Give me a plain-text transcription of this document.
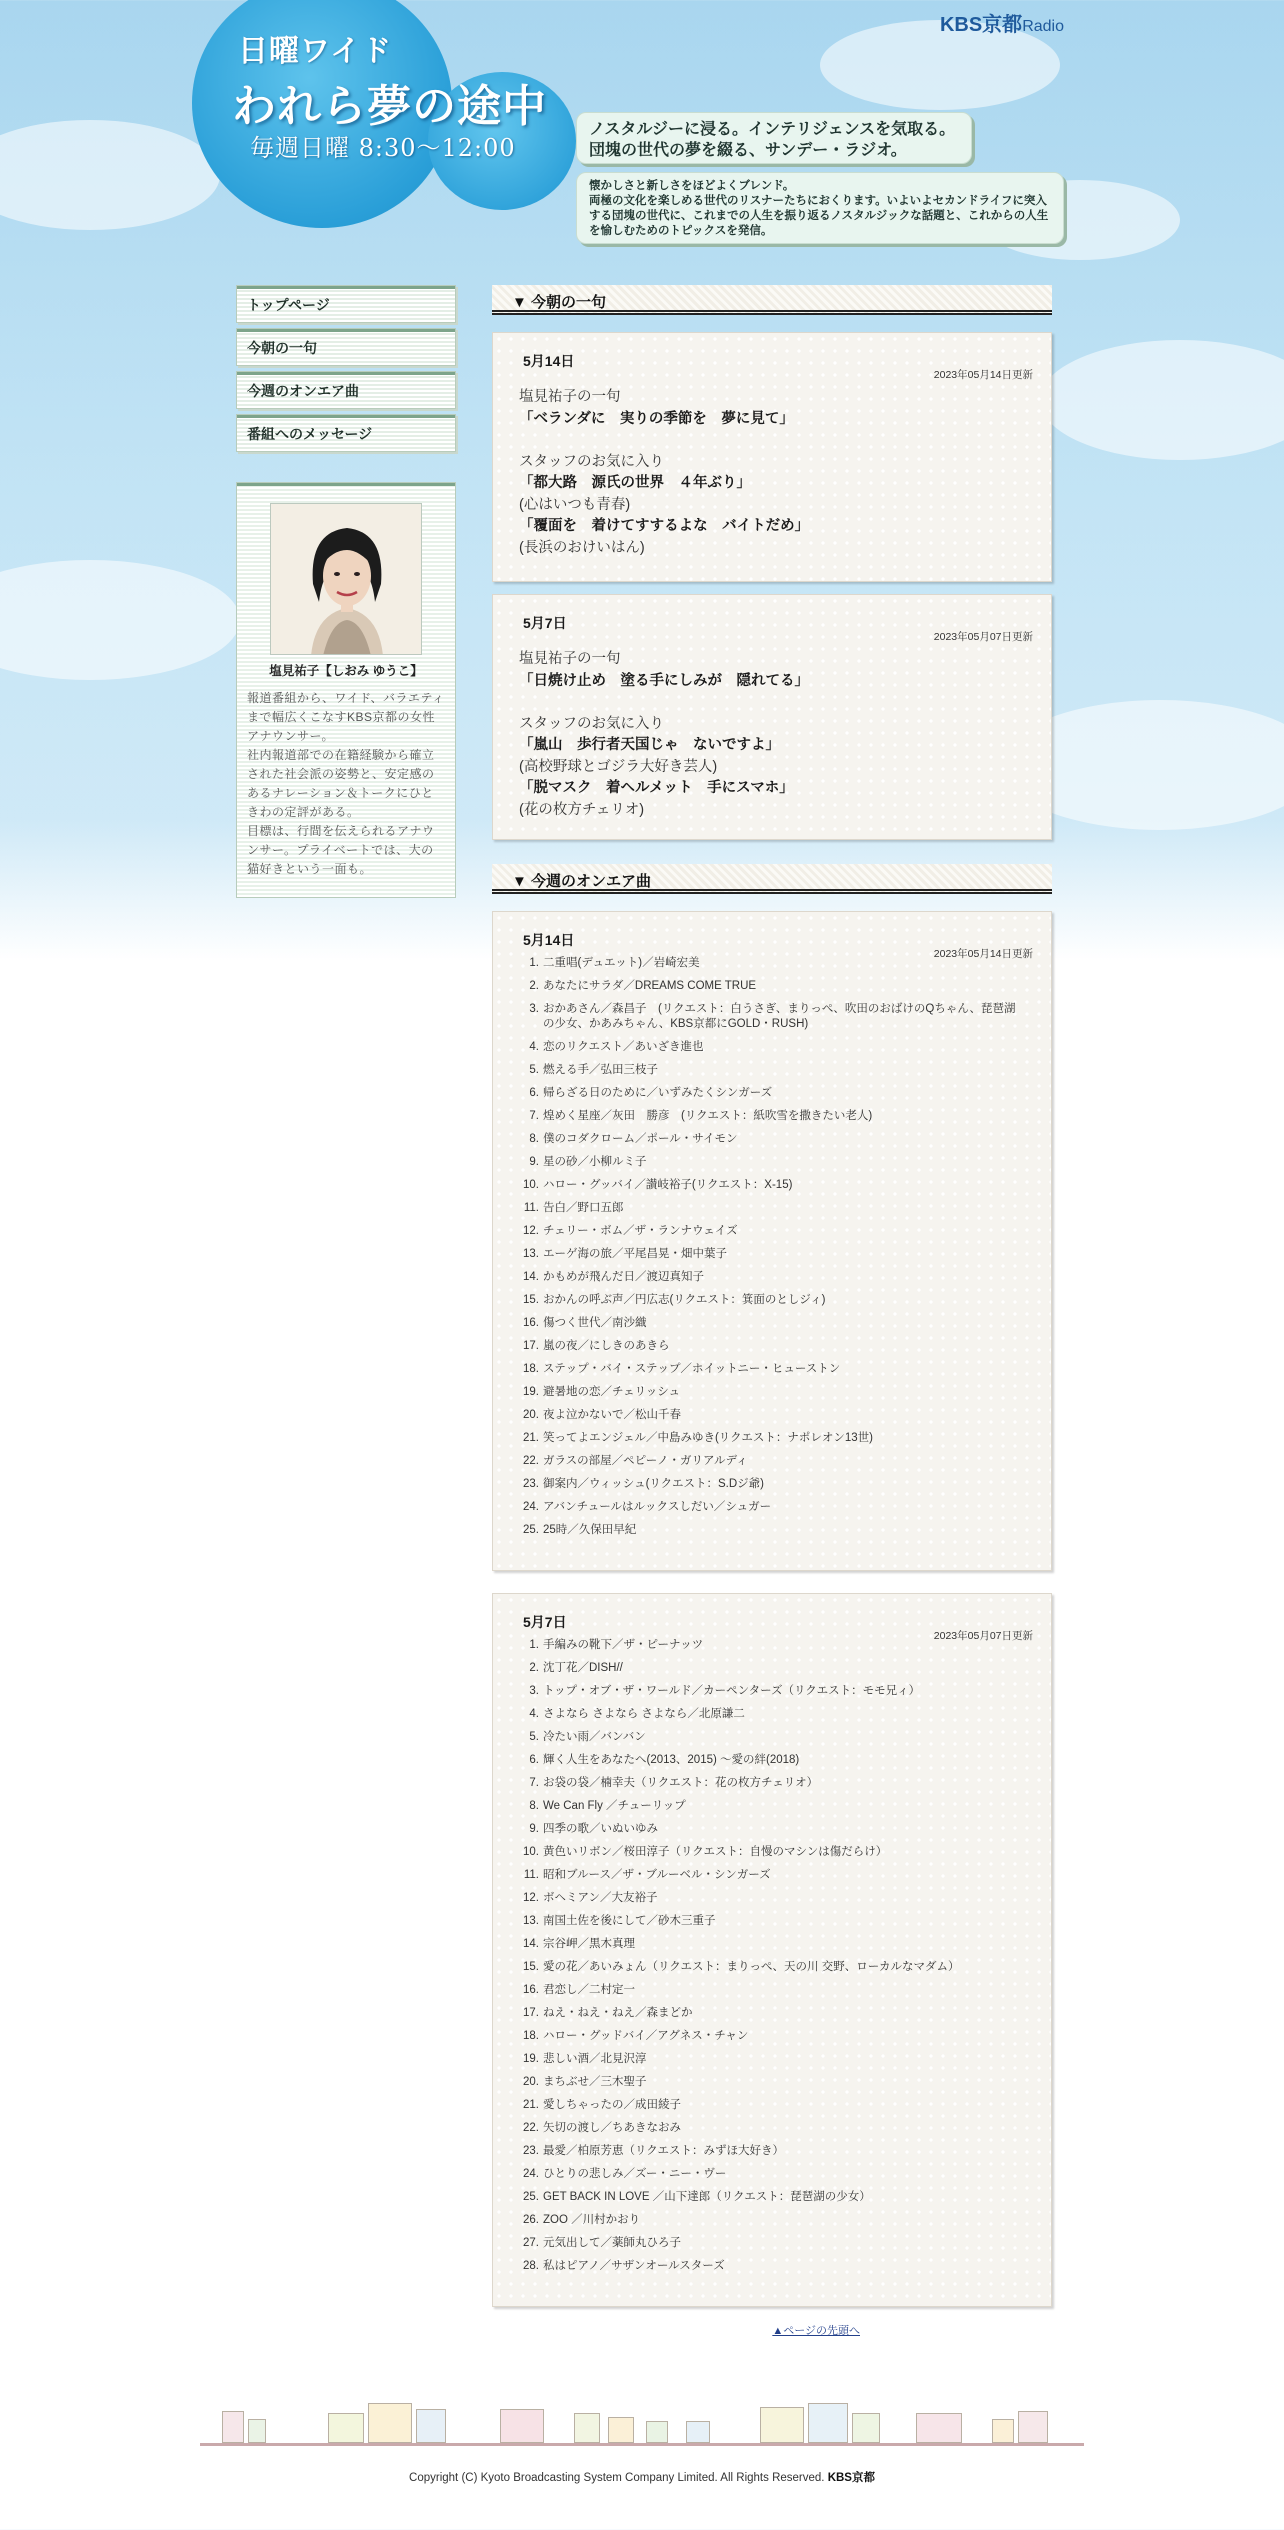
日曜ワイド
われら夢の途中
毎週日曜 8:30〜12:00
KBS京都Radio
ノスタルジーに浸る。インテリジェンスを気取る。
団塊の世代の夢を綴る、サンデー・ラジオ。
懐かしさと新しさをほどよくブレンド。
両極の文化を楽しめる世代のリスナーたちにおくります。いよいよセカンドライフに突入する団塊の世代に、これまでの人生を振り返るノスタルジックな話題と、これからの人生を愉しむためのトピックスを発信。
トップページ
今朝の一句
今週のオンエア曲
番組へのメッセージ
塩見祐子【しおみ ゆうこ】
報道番組から、ワイド、バラエティまで幅広くこなすKBS京都の女性アナウンサー。
社内報道部での在籍経験から確立された社会派の姿勢と、安定感のあるナレーション＆トークにひときわの定評がある。
目標は、行間を伝えられるアナウンサー。プライベートでは、大の猫好きという一面も。
▼ 今朝の一句
5月14日
2023年05月14日更新
塩見祐子の一句
「ベランダに　実りの季節を　夢に見て」
スタッフのお気に入り
「都大路　源氏の世界　４年ぶり」
(心はいつも青春)
「覆面を　着けてすするよな　バイトだめ」
(長浜のおけいはん)
5月7日
2023年05月07日更新
塩見祐子の一句
「日焼け止め　塗る手にしみが　隠れてる」
スタッフのお気に入り
「嵐山　歩行者天国じゃ　ないですよ」
(高校野球とゴジラ大好き芸人)
「脱マスク　着ヘルメット　手にスマホ」
(花の枚方チェリオ)
▼ 今週のオンエア曲
5月14日
2023年05月14日更新
1. 二重唱(デュエット)／岩崎宏美
2. あなたにサラダ／DREAMS COME TRUE
3. おかあさん／森昌子　(リクエスト：白うさぎ、まりっぺ、吹田のおばけのQちゃん、琵琶湖の少女、かあみちゃん、KBS京都にGOLD・RUSH)
4. 恋のリクエスト／あいざき進也
5. 燃える手／弘田三枝子
6. 帰らざる日のために／いずみたくシンガーズ
7. 煌めく星座／灰田　勝彦　(リクエスト：紙吹雪を撒きたい老人)
8. 僕のコダクローム／ポール・サイモン
9. 星の砂／小柳ルミ子
10. ハロー・グッバイ／讃岐裕子(リクエスト：X-15)
11. 告白／野口五郎
12. チェリー・ボム／ザ・ランナウェイズ
13. エーゲ海の旅／平尾昌晃・畑中葉子
14. かもめが飛んだ日／渡辺真知子
15. おかんの呼ぶ声／円広志(リクエスト：箕面のとしジィ)
16. 傷つく世代／南沙織
17. 嵐の夜／にしきのあきら
18. ステップ・バイ・ステップ／ホイットニー・ヒューストン
19. 避暑地の恋／チェリッシュ
20. 夜よ泣かないで／松山千春
21. 笑ってよエンジェル／中島みゆき(リクエスト：ナポレオン13世)
22. ガラスの部屋／ペピーノ・ガリアルディ
23. 御案内／ウィッシュ(リクエスト：S.Dジ爺)
24. アバンチュールはルックスしだい／シュガー
25. 25時／久保田早紀
5月7日
2023年05月07日更新
1. 手編みの靴下／ザ・ピーナッツ
2. 沈丁花／DISH//
3. トップ・オブ・ザ・ワールド／カーペンターズ（リクエスト：モモ兄ィ）
4. さよなら さよなら さよなら／北原謙二
5. 冷たい雨／バンバン
6. 輝く人生をあなたへ(2013、2015) ～愛の絆(2018)
7. お袋の袋／楠幸夫（リクエスト：花の枚方チェリオ）
8. We Can Fly ／チューリップ
9. 四季の歌／いぬいゆみ
10. 黄色いリボン／桜田淳子（リクエスト：自慢のマシンは傷だらけ）
11. 昭和ブルース／ザ・ブルーベル・シンガーズ
12. ボヘミアン／大友裕子
13. 南国土佐を後にして／砂木三重子
14. 宗谷岬／黒木真理
15. 愛の花／あいみょん（リクエスト：まりっぺ、天の川 交野、ローカルなマダム）
16. 君恋し／二村定一
17. ねえ・ねえ・ねえ／森まどか
18. ハロー・グッドバイ／アグネス・チャン
19. 悲しい酒／北見沢淳
20. まちぶせ／三木聖子
21. 愛しちゃったの／成田綾子
22. 矢切の渡し／ちあきなおみ
23. 最愛／柏原芳恵（リクエスト：みずほ大好き）
24. ひとりの悲しみ／ズー・ニー・ヴー
25. GET BACK IN LOVE ／山下達郎（リクエスト：琵琶湖の少女）
26. ZOO ／川村かおり
27. 元気出して／薬師丸ひろ子
28. 私はピアノ／サザンオールスターズ
▲ページの先頭へ
Copyright (C) Kyoto Broadcasting System Company Limited. All Rights Reserved. KBS京都
